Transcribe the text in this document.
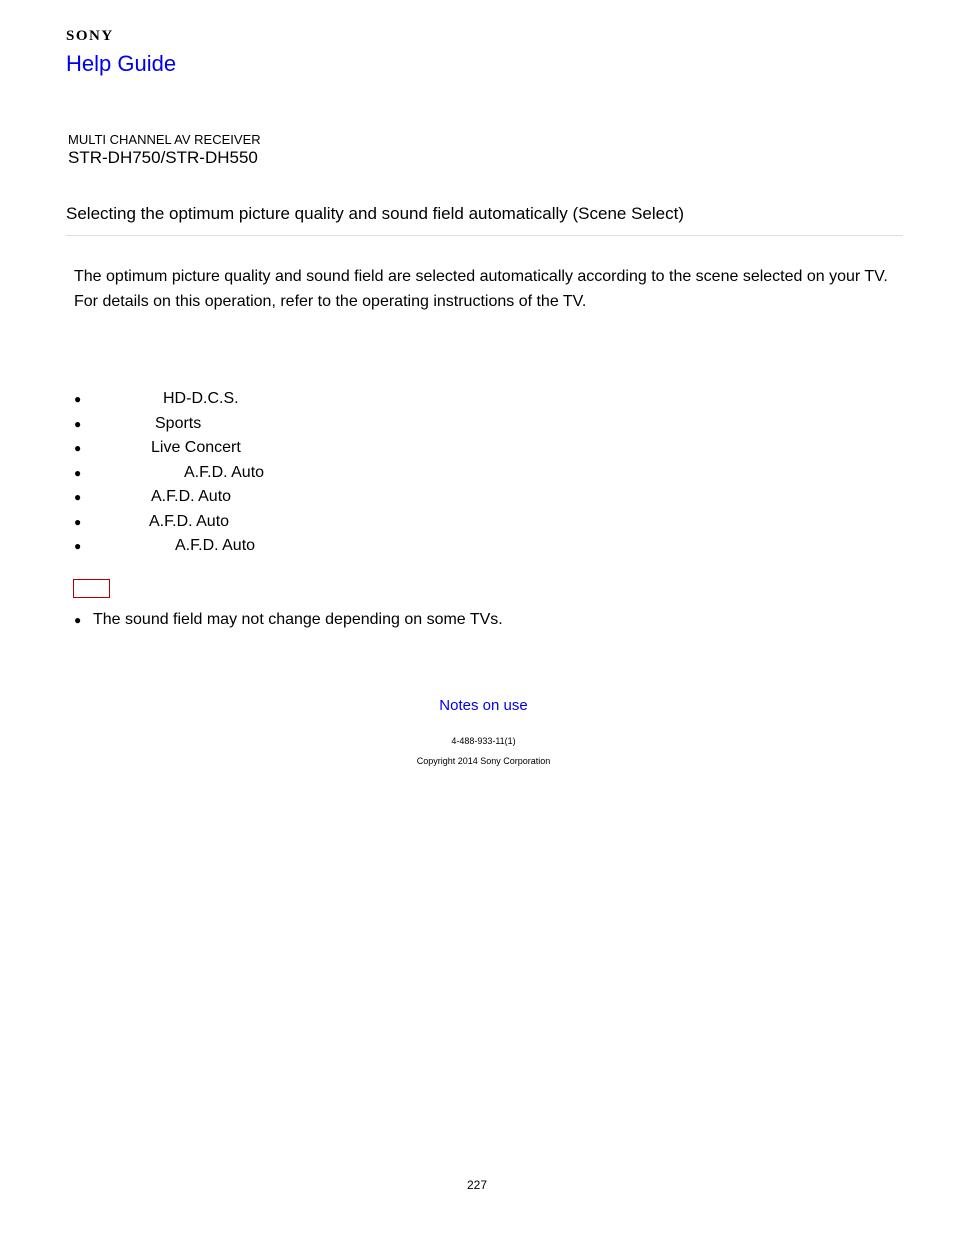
SONY
Help Guide
MULTI CHANNEL AV RECEIVER
STR-DH750/STR-DH550
Selecting the optimum picture quality and sound field automatically (Scene Select)

The optimum picture quality and sound field are selected automatically according to the scene selected on your TV.

For details on this operation, refer to the operating instructions of the TV.

●	HD-D.C.S.
●	Sports
●	Live Concert
●	A.F.D. Auto
●	A.F.D. Auto
●	A.F.D. Auto
●	A.F.D. Auto
● The sound field may not change depending on some TVs.
Notes on use
4-488-933-11(1)
Copyright 2014 Sony Corporation
227
